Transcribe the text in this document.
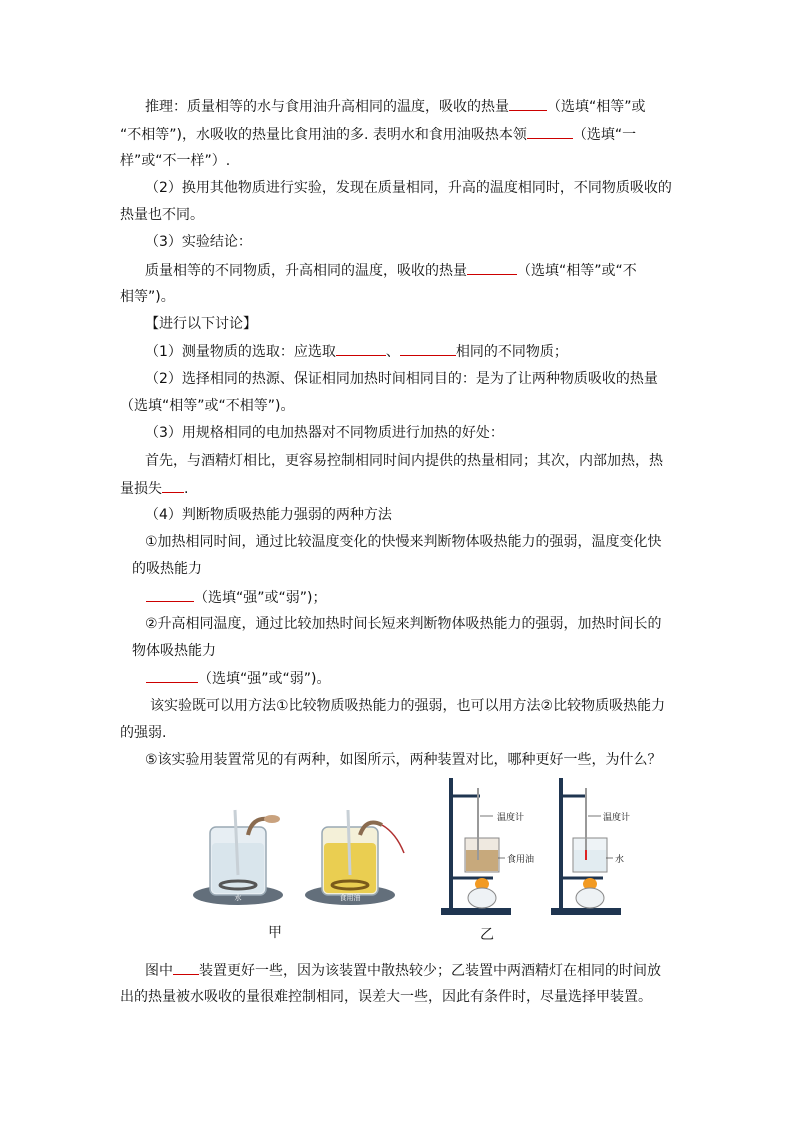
推理：质量相等的水与食用油升高相同的温度，吸收的热量	（选填“相等”或
“不相等”)，水吸收的热量比食用油的多. 表明水和食用油吸热本领	（选填“一
样”或“不一样”）.
（2）换用其他物质进行实验，发现在质量相同，升高的温度相同时，不同物质吸收的
热量也不同。
（3）实验结论：
质量相等的不同物质，升高相同的温度，吸收的热量	（选填“相等”或“不
相等”)。
【进行以下讨论】
（1）测量物质的选取：应选取	、	相同的不同物质；
（2）选择相同的热源、保证相同加热时间相同目的：是为了让两种物质吸收的热量
（选填“相等”或“不相等”)。
（3）用规格相同的电加热器对不同物质进行加热的好处：
首先，与酒精灯相比，更容易控制相同时间内提供的热量相同；其次，内部加热，热
量损失 .
（4）判断物质吸热能力强弱的两种方法
①加热相同时间，通过比较温度变化的快慢来判断物体吸热能力的强弱，温度变化快
的吸热能力
（选填“强”或“弱”)；
②升高相同温度，通过比较加热时间长短来判断物体吸热能力的强弱，加热时间长的
物体吸热能力
（选填“强”或“弱”)。
该实验既可以用方法①比较物质吸热能力的强弱，也可以用方法②比较物质吸热能力
的强弱.
⑤该实验用装置常见的有两种，如图所示，两种装置对比，哪种更好一些，为什么？
水	食用油
温度计
食用油
温度计
水
甲	乙
图中 装置更好一些，因为该装置中散热较少；乙装置中两酒精灯在相同的时间放
出的热量被水吸收的量很难控制相同，误差大一些，因此有条件时，尽量选择甲装置。
